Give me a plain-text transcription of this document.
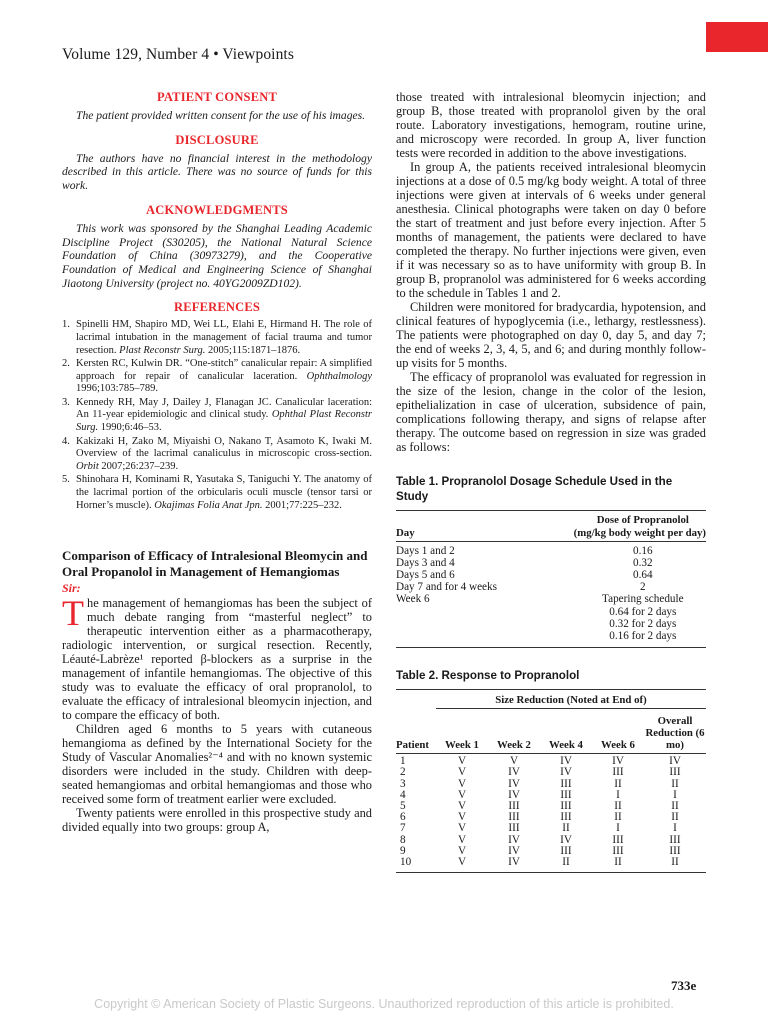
Volume 129, Number 4 • Viewpoints
PATIENT CONSENT

The patient provided written consent for the use of his images.

DISCLOSURE

The authors have no financial interest in the methodology described in this article. There was no source of funds for this work.

ACKNOWLEDGMENTS

This work was sponsored by the Shanghai Leading Academic Discipline Project (S30205), the National Natural Science Foundation of China (30973279), and the Cooperative Foundation of Medical and Engineering Science of Shanghai Jiaotong University (project no. 40YG2009ZD102).

REFERENCES
1. Spinelli HM, Shapiro MD, Wei LL, Elahi E, Hirmand H. The role of lacrimal intubation in the management of facial trauma and tumor resection. Plast Reconstr Surg. 2005;115:1871–1876.
2. Kersten RC, Kulwin DR. “One-stitch” canalicular repair: A simplified approach for repair of canalicular laceration. Ophthalmology 1996;103:785–789.
3. Kennedy RH, May J, Dailey J, Flanagan JC. Canalicular laceration: An 11-year epidemiologic and clinical study. Ophthal Plast Reconstr Surg. 1990;6:46–53.
4. Kakizaki H, Zako M, Miyaishi O, Nakano T, Asamoto K, Iwaki M. Overview of the lacrimal canaliculus in microscopic cross-section. Orbit 2007;26:237–239.
5. Shinohara H, Kominami R, Yasutaka S, Taniguchi Y. The anatomy of the lacrimal portion of the orbicularis oculi muscle (tensor tarsi or Horner’s muscle). Okajimas Folia Anat Jpn. 2001;77:225–232.
Comparison of Efficacy of Intralesional Bleomycin and Oral Propanolol in Management of Hemangiomas
Sir:

The management of hemangiomas has been the subject of much debate ranging from “masterful neglect” to therapeutic intervention either as a pharmacotherapy, radiologic intervention, or surgical resection. Recently, Léauté-Labrèze¹ reported β-blockers as a surprise in the management of infantile hemangiomas. The objective of this study was to evaluate the efficacy of oral propranolol, to evaluate the efficacy of intralesional bleomycin injection, and to compare the efficacy of both.

Children aged 6 months to 5 years with cutaneous hemangioma as defined by the International Society for the Study of Vascular Anomalies²⁻⁴ and with no known systemic disorders were included in the study. Children with deep-seated hemangiomas and orbital hemangiomas and those who received some form of treatment earlier were excluded.

Twenty patients were enrolled in this prospective study and divided equally into two groups: group A,

those treated with intralesional bleomycin injection; and group B, those treated with propranolol given by the oral route. Laboratory investigations, hemogram, routine urine, and microscopy were recorded. In group A, liver function tests were recorded in addition to the above investigations.

In group A, the patients received intralesional bleomycin injections at a dose of 0.5 mg/kg body weight. A total of three injections were given at intervals of 6 weeks under general anesthesia. Clinical photographs were taken on day 0 before the start of treatment and just before every injection. After 5 months of management, the patients were declared to have completed the therapy. No further injections were given, even if it was necessary so as to have uniformity with group B. In group B, propranolol was administered for 6 weeks according to the schedule in Tables 1 and 2.

Children were monitored for bradycardia, hypotension, and clinical features of hypoglycemia (i.e., lethargy, restlessness). The patients were photographed on day 0, day 5, and day 7; the end of weeks 2, 3, 4, 5, and 6; and during monthly follow-up visits for 5 months.

The efficacy of propranolol was evaluated for regression in the size of the lesion, change in the color of the lesion, epithelialization in case of ulceration, subsidence of pain, complications following therapy, and signs of relapse after therapy. The outcome based on regression in size was graded as follows:

Table 1. Propranolol Dosage Schedule Used in the Study
Day	Dose of Propranolol
(mg/kg body weight per day)

Days 1 and 2	0.16
Days 3 and 4	0.32
Days 5 and 6	0.64
Day 7 and for 4 weeks	2
Week 6	Tapering schedule
	0.64 for 2 days
	0.32 for 2 days
	0.16 for 2 days

Table 2. Response to Propranolol
	Size Reduction (Noted at End of)				
Patient	Week 1	Week 2	Week 4	Week 6	Overall Reduction (6 mo)

1	V	V	IV	IV	IV
2	V	IV	IV	III	III
3	V	IV	III	II	II
4	V	IV	III	I	I
5	V	III	III	II	II
6	V	III	III	II	II
7	V	III	II	I	I
8	V	IV	IV	III	III
9	V	IV	III	III	III
10	V	IV	II	II	II

733e
Copyright © American Society of Plastic Surgeons. Unauthorized reproduction of this article is prohibited.
